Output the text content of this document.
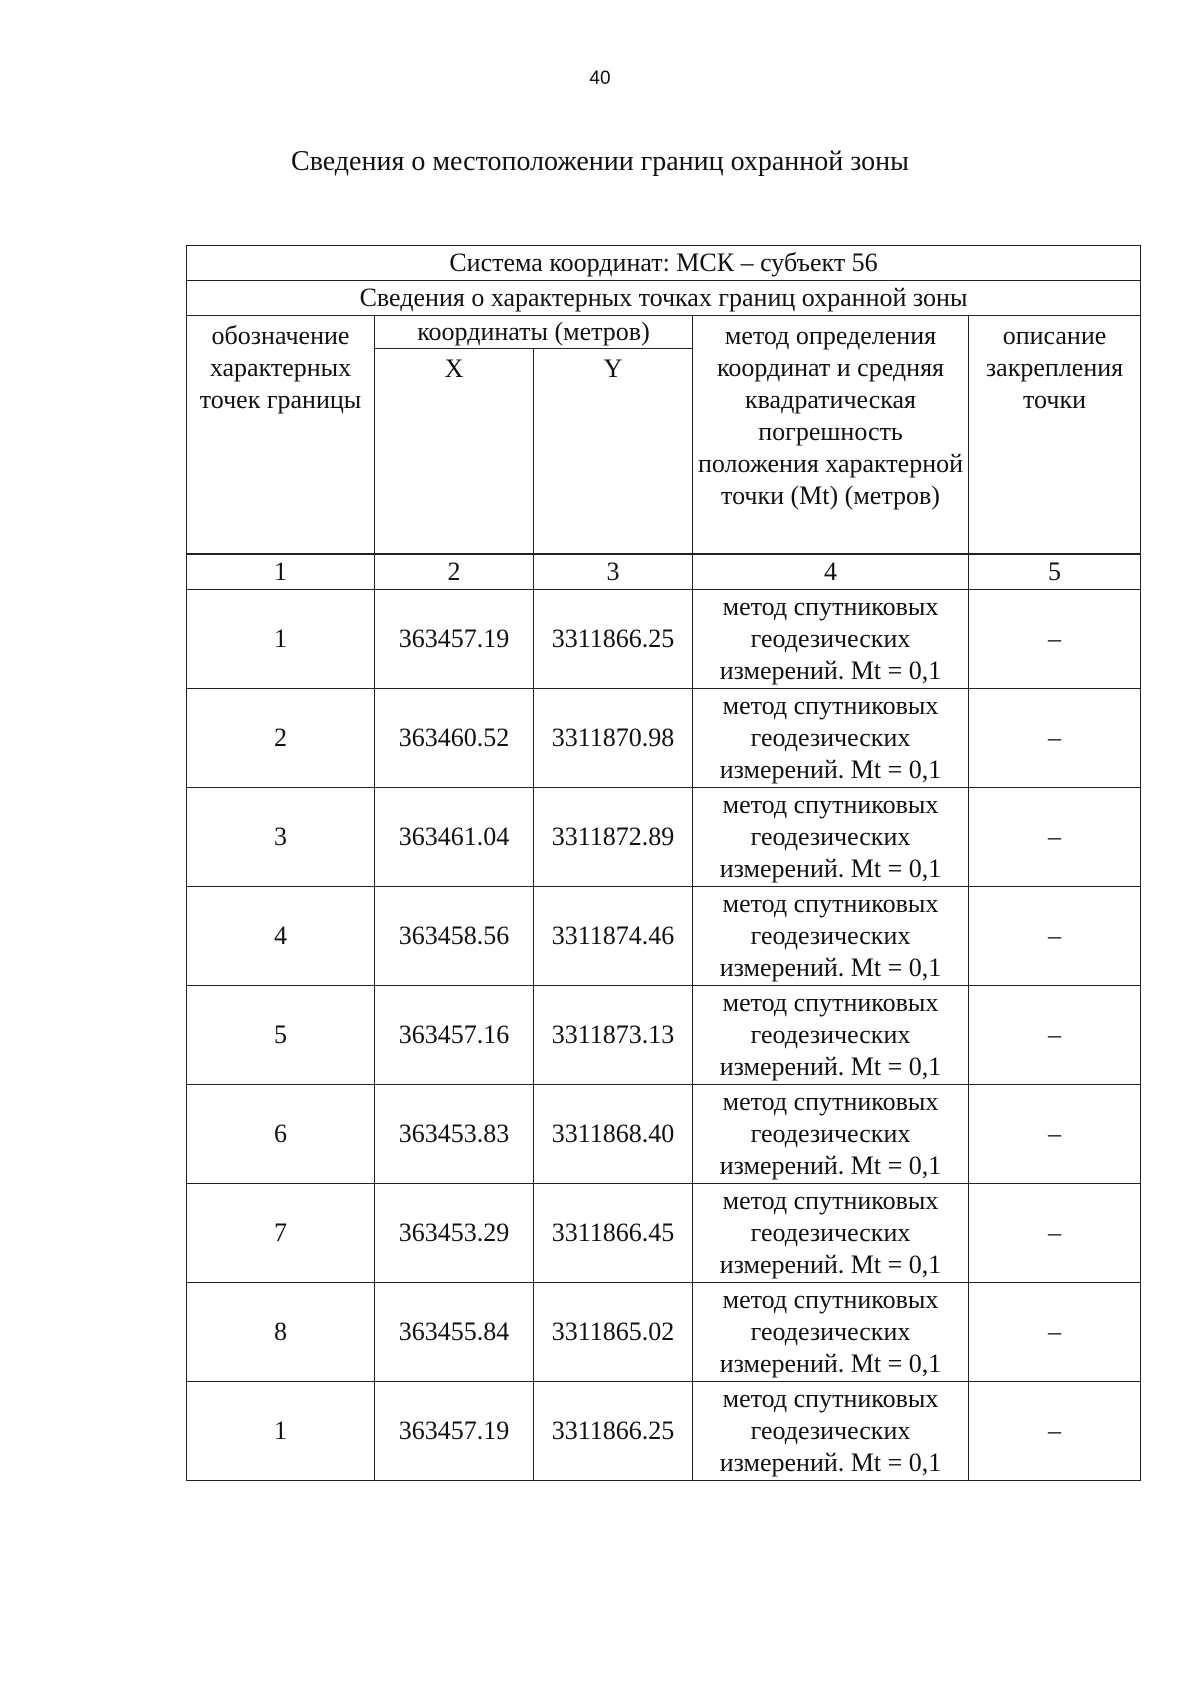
40
Сведения о местоположении границ охранной зоны
Система координат: МСК – субъект 56				
Сведения о характерных точках границ охранной зоны				
обозначение характерных точек границы	координаты (метров)		метод определения координат и средняя квадратическая погрешность положения характерной точки (Mt) (метров)	описание закрепления точки
	X	Y		
1	2	3	4	5
1	363457.19	3311866.25	метод спутниковых геодезических измерений. Mt = 0,1	–
2	363460.52	3311870.98	метод спутниковых геодезических измерений. Mt = 0,1	–
3	363461.04	3311872.89	метод спутниковых геодезических измерений. Mt = 0,1	–
4	363458.56	3311874.46	метод спутниковых геодезических измерений. Mt = 0,1	–
5	363457.16	3311873.13	метод спутниковых геодезических измерений. Mt = 0,1	–
6	363453.83	3311868.40	метод спутниковых геодезических измерений. Mt = 0,1	–
7	363453.29	3311866.45	метод спутниковых геодезических измерений. Mt = 0,1	–
8	363455.84	3311865.02	метод спутниковых геодезических измерений. Mt = 0,1	–
1	363457.19	3311866.25	метод спутниковых геодезических измерений. Mt = 0,1	–
